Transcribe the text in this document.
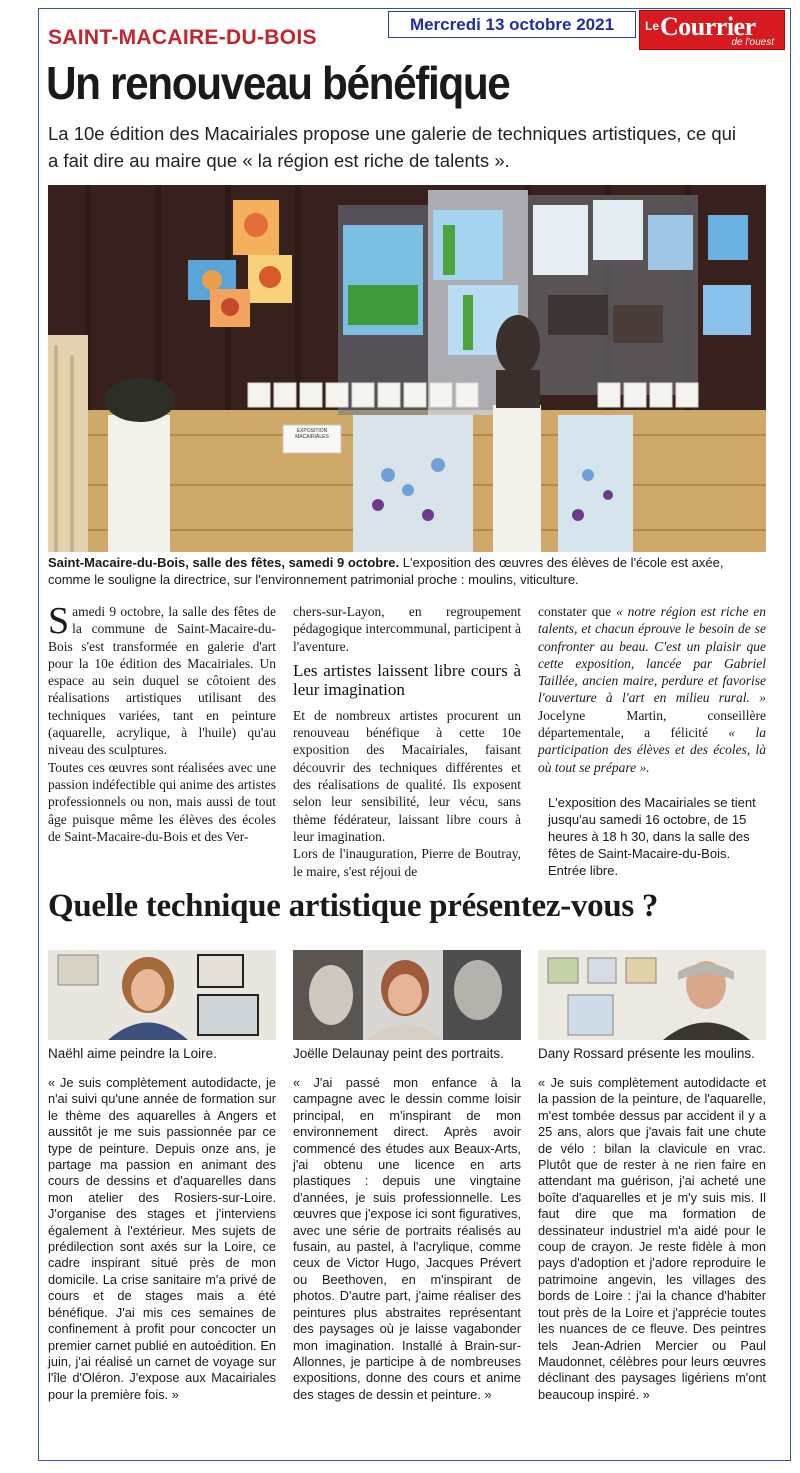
Mercredi 13 octobre 2021	Le Courrier
de l'ouest
SAINT-MACAIRE-DU-BOIS
Un renouveau bénéfique
La 10e édition des Macairiales propose une galerie de techniques artistiques, ce qui a fait dire au maire que « la région est riche de talents ».
EXPOSITION MACAIRIALES
Saint-Macaire-du-Bois, salle des fêtes, samedi 9 octobre. L'exposition des œuvres des élèves de l'école est axée, comme le souligne la directrice, sur l'environnement patrimonial proche : moulins, viticulture.

Samedi 9 octobre, la salle des fêtes de la commune de Saint-Macaire-du-Bois s'est transformée en galerie d'art pour la 10e édition des Macairiales. Un espace au sein duquel se côtoient des réalisations artistiques utilisant des techniques variées, tant en peinture (aquarelle, acrylique, à l'huile) qu'au niveau des sculptures.

Toutes ces œuvres sont réalisées avec une passion indéfectible qui anime des artistes professionnels ou non, mais aussi de tout âge puisque même les élèves des écoles de Saint-Macaire-du-Bois et des Ver-

chers-sur-Layon, en regroupement pédagogique intercommunal, participent à l'aventure.

Les artistes laissent libre cours à leur imagination

Et de nombreux artistes procurent un renouveau bénéfique à cette 10e exposition des Macairiales, faisant découvrir des techniques différentes et des réalisations de qualité. Ils exposent selon leur sensibilité, leur vécu, sans thème fédérateur, laissant libre cours à leur imagination.

Lors de l'inauguration, Pierre de Boutray, le maire, s'est réjoui de

constater que « notre région est riche en talents, et chacun éprouve le besoin de se confronter au beau. C'est un plaisir que cette exposition, lancée par Gabriel Taillée, ancien maire, perdure et favorise l'ouverture à l'art en milieu rural. » Jocelyne Martin, conseillère départementale, a félicité « la participation des élèves et des écoles, là où tout se prépare ».

L'exposition des Macairiales se tient jusqu'au samedi 16 octobre, de 15 heures à 18 h 30, dans la salle des fêtes de Saint-Macaire-du-Bois. Entrée libre.

Quelle technique artistique présentez-vous ?
Naëhl aime peindre la Loire.	Joëlle Delaunay peint des portraits.	Dany Rossard présente les moulins.
« Je suis complètement autodidacte, je n'ai suivi qu'une année de formation sur le thème des aquarelles à Angers et aussitôt je me suis passionnée par ce type de peinture. Depuis onze ans, je partage ma passion en animant des cours de dessins et d'aquarelles dans mon atelier des Rosiers-sur-Loire. J'organise des stages et j'interviens également à l'extérieur. Mes sujets de prédilection sont axés sur la Loire, ce cadre inspirant situé près de mon domicile. La crise sanitaire m'a privé de cours et de stages mais a été bénéfique. J'ai mis ces semaines de confinement à profit pour concocter un premier carnet publié en autoédition. En juin, j'ai réalisé un carnet de voyage sur l'île d'Oléron. J'expose aux Macairiales pour la première fois. »
« J'ai passé mon enfance à la campagne avec le dessin comme loisir principal, en m'inspirant de mon environnement direct. Après avoir commencé des études aux Beaux-Arts, j'ai obtenu une licence en arts plastiques : depuis une vingtaine d'années, je suis professionnelle. Les œuvres que j'expose ici sont figuratives, avec une série de portraits réalisés au fusain, au pastel, à l'acrylique, comme ceux de Victor Hugo, Jacques Prévert ou Beethoven, en m'inspirant de photos. D'autre part, j'aime réaliser des peintures plus abstraites représentant des paysages où je laisse vagabonder mon imagination. Installé à Brain-sur-Allonnes, je participe à de nombreuses expositions, donne des cours et anime des stages de dessin et peinture. »
« Je suis complètement autodidacte et la passion de la peinture, de l'aquarelle, m'est tombée dessus par accident il y a 25 ans, alors que j'avais fait une chute de vélo : bilan la clavicule en vrac. Plutôt que de rester à ne rien faire en attendant ma guérison, j'ai acheté une boîte d'aquarelles et je m'y suis mis. Il faut dire que ma formation de dessinateur industriel m'a aidé pour le coup de crayon. Je reste fidèle à mon pays d'adoption et j'adore reproduire le patrimoine angevin, les villages des bords de Loire : j'ai la chance d'habiter tout près de la Loire et j'apprécie toutes les nuances de ce fleuve. Des peintres tels Jean-Adrien Mercier ou Paul Maudonnet, célèbres pour leurs œuvres déclinant des paysages ligériens m'ont beaucoup inspiré. »
